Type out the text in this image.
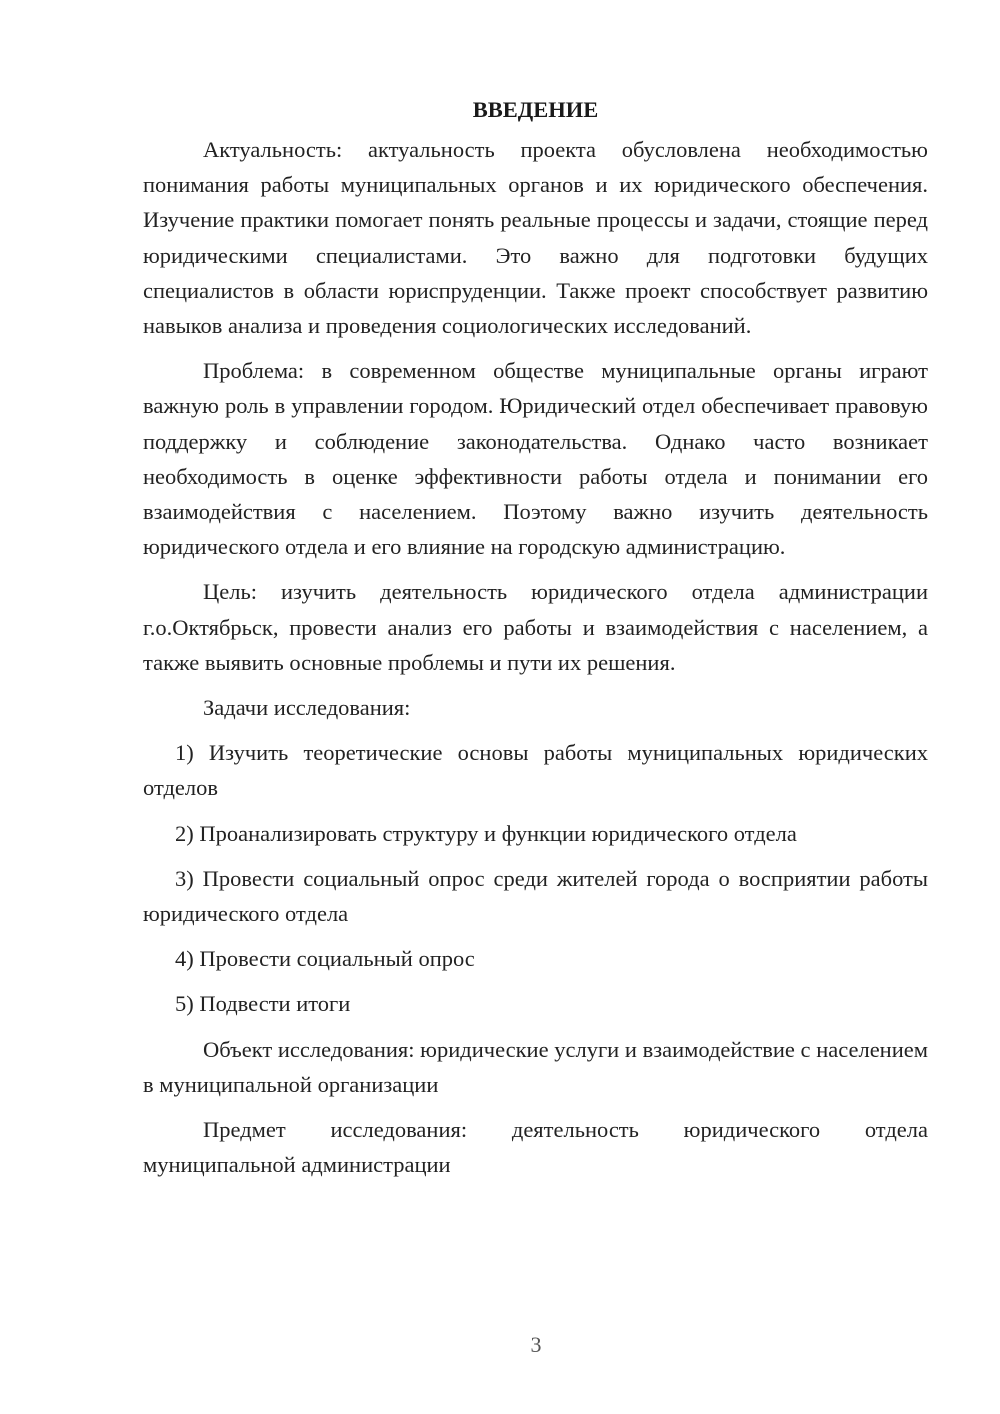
ВВЕДЕНИЕ

Актуальность: актуальность проекта обусловлена необходимостью понимания работы муниципальных органов и их юридического обеспечения. Изучение практики помогает понять реальные процессы и задачи, стоящие перед юридическими специалистами. Это важно для подготовки будущих специалистов в области юриспруденции. Также проект способствует развитию навыков анализа и проведения социологических исследований.

Проблема: в современном обществе муниципальные органы играют важную роль в управлении городом. Юридический отдел обеспечивает правовую поддержку и соблюдение законодательства. Однако часто возникает необходимость в оценке эффективности работы отдела и понимании его взаимодействия с населением. Поэтому важно изучить деятельность юридического отдела и его влияние на городскую администрацию.

Цель: изучить деятельность юридического отдела администрации г.о.Октябрьск, провести анализ его работы и взаимодействия с населением, а также выявить основные проблемы и пути их решения.

Задачи исследования:

1) Изучить теоретические основы работы муниципальных юридических отделов

2) Проанализировать структуру и функции юридического отдела

3) Провести социальный опрос среди жителей города о восприятии работы юридического отдела

4) Провести социальный опрос

5) Подвести итоги

Объект исследования: юридические услуги и взаимодействие с населением в муниципальной организации

Предмет исследования: деятельность юридического отдела муниципальной администрации

3
